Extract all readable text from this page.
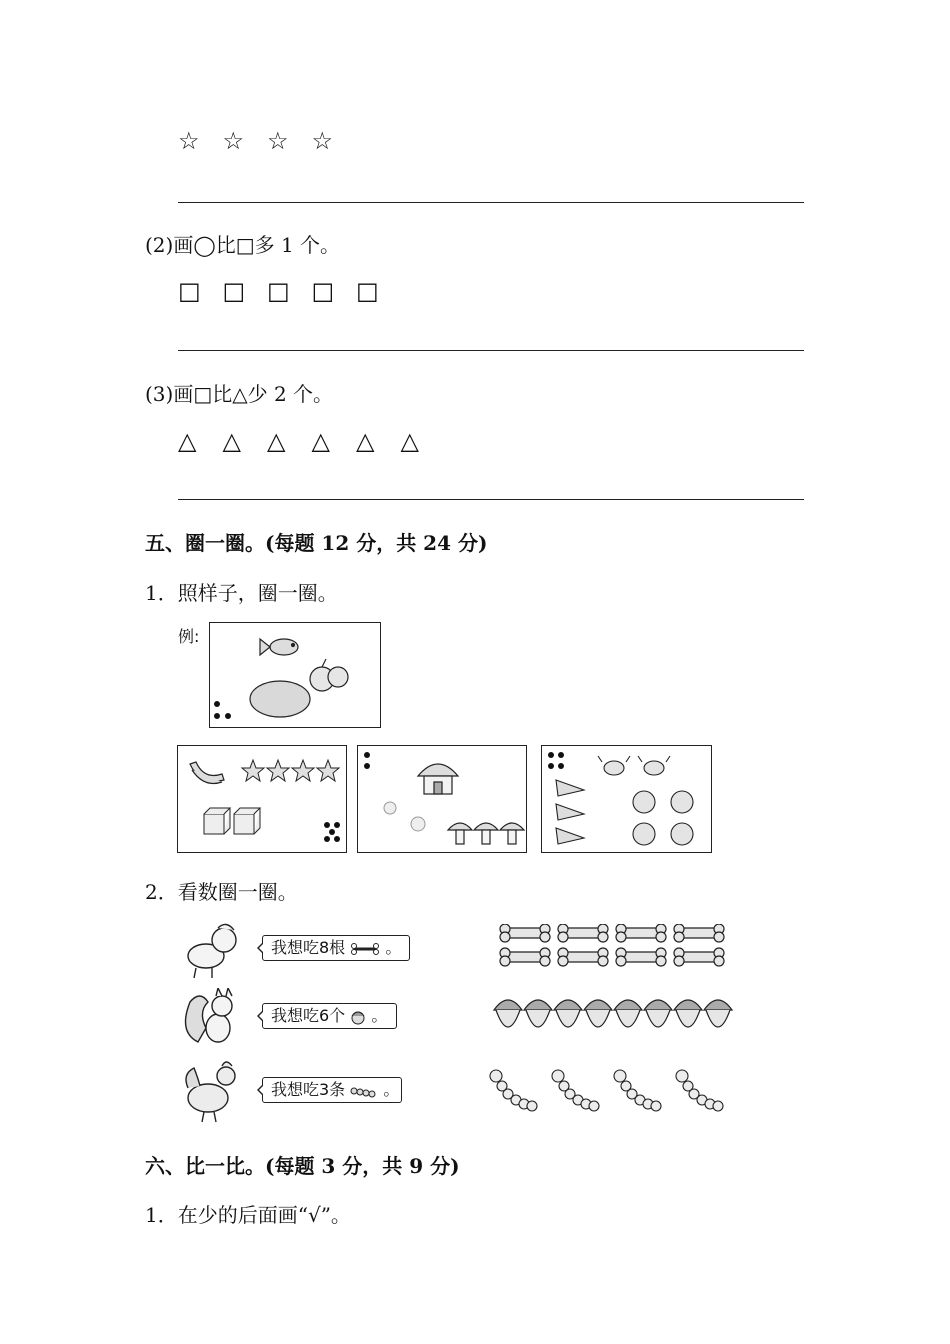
☆ ☆ ☆ ☆
(2)画◯比□多 1 个。
□ □ □ □ □
(3)画□比△少 2 个。
△ △ △ △ △ △
五、圈一圈。(每题 12 分，共 24 分)
1．照样子，圈一圈。
例:
2．看数圈一圈。
我想吃8根	。
我想吃6个 。
我想吃3条 。
六、比一比。(每题 3 分，共 9 分)
1．在少的后面画“√”。
